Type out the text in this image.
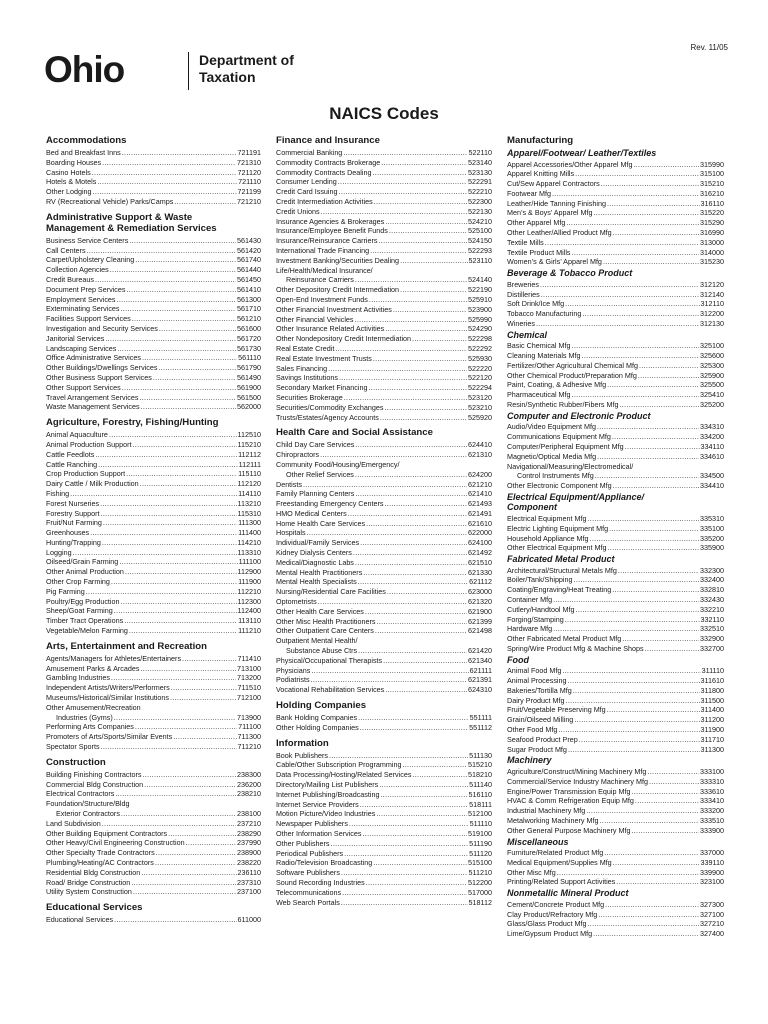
Ohio	Department of
Taxation
Rev. 11/05
NAICS Codes
Accommodations
Bed and Breakfast Inns .....	721191
Boarding Houses .....	721310
Casino Hotels .....	721120
Hotels & Motels .....	721110
Other Lodging .....	721199
RV (Recreational Vehicle) Parks/Camps .....	721210
Administrative Support & Waste
Management & Remediation Services
Business Service Centers .....	561430
Call Centers .....	561420
Carpet/Upholstery Cleaning .....	561740
Collection Agencies .....	561440
Credit Bureaus .....	561450
Document Prep Services .....	561410
Employment Services .....	561300
Exterminating Services .....	561710
Facilities Support Services .....	561210
Investigation and Security Services .....	561600
Janitorial Services .....	561720
Landscaping Services .....	561730
Office Administrative Services .....	561110
Other Buildings/Dwellings Services .....	561790
Other Business Support Services .....	561490
Other Support Services .....	561900
Travel Arrangement Services .....	561500
Waste Management Services .....	562000
Agriculture, Forestry, Fishing/Hunting
Animal Aquaculture .....	112510
Animal Production Support .....	115210
Cattle Feedlots .....	112112
Cattle Ranching .....	112111
Crop Production Support .....	115110
Dairy Cattle / Milk Production .....	112120
Fishing .....	114110
Forest Nurseries .....	113210
Forestry Support .....	115310
Fruit/Nut Farming .....	111300
Greenhouses .....	111400
Hunting/Trapping .....	114210
Logging .....	113310
Oilseed/Grain Farming .....	111100
Other Animal Production .....	112900
Other Crop Farming .....	111900
Pig Farming .....	112210
Poultry/Egg Production .....	112300
Sheep/Goat Farming .....	112400
Timber Tract Operations .....	113110
Vegetable/Melon Farming .....	111210
Arts, Entertainment and Recreation
Agents/Managers for Athletes/Entertainers .....	711410
Amusement Parks & Arcades .....	713100
Gambling Industries .....	713200
Independent Artists/Writers/Performers .....	711510
Museums/Historical/Similar Institutions .....	712100
Other Amusement/Recreation
Industries (Gyms) .....	713900
Performing Arts Companies .....	711100
Promoters of Arts/Sports/Similar Events .....	711300
Spectator Sports .....	711210
Construction
Building Finishing Contractors .....	238300
Commercial Bldg Construction .....	236200
Electrical Contractors .....	238210
Foundation/Structure/Bldg
Exterior Contractors .....	238100
Land Subdivision .....	237210
Other Building Equipment Contractors .....	238290
Other Heavy/Civil Engineering Construction .....	237990
Other Specialty Trade Contractors .....	238900
Plumbing/Heating/AC Contractors .....	238220
Residential Bldg Construction .....	236110
Road/ Bridge Construction .....	237310
Utility System Construction .....	237100
Educational Services
Educational Services .....	611000
Finance and Insurance
Commercial Banking .....	522110
Commodity Contracts Brokerage .....	523140
Commodity Contracts Dealing .....	523130
Consumer Lending .....	522291
Credit Card Issuing .....	522210
Credit Intermediation Activities .....	522300
Credit Unions .....	522130
Insurance Agencies & Brokerages .....	524210
Insurance/Employee Benefit Funds .....	525100
Insurance/Reinsurance Carriers .....	524150
International Trade Financing .....	522293
Investment Banking/Securities Dealing .....	523110
Life/Health/Medical Insurance/
Reinsurance Carriers .....	524140
Other Depository Credit Intermediation .....	522190
Open-End Investment Funds .....	525910
Other Financial Investment Activities .....	523900
Other Financial Vehicles .....	525990
Other Insurance Related Activities .....	524290
Other Nondepository Credit Intermediation .....	522298
Real Estate Credit .....	522292
Real Estate Investment Trusts .....	525930
Sales Financing .....	522220
Savings Institutions .....	522120
Secondary Market Financing .....	522294
Securities Brokerage .....	523120
Securities/Commodity Exchanges .....	523210
Trusts/Estates/Agency Accounts .....	525920
Health Care and Social Assistance
Child Day Care Services .....	624410
Chiropractors .....	621310
Community Food/Housing/Emergency/
Other Relief Services .....	624200
Dentists .....	621210
Family Planning Centers .....	621410
Freestanding Emergency Centers .....	621493
HMO Medical Centers .....	621491
Home Health Care Services .....	621610
Hospitals .....	622000
Individual/Family Services .....	624100
Kidney Dialysis Centers .....	621492
Medical/Diagnostic Labs .....	621510
Mental Health Practitioners .....	621330
Mental Health Specialists .....	621112
Nursing/Residential Care Facilities .....	623000
Optometrists .....	621320
Other Health Care Services .....	621900
Other Misc Health Practitioners .....	621399
Other Outpatient Care Centers .....	621498
Outpatient Mental Health/
Substance Abuse Ctrs .....	621420
Physical/Occupational Therapists .....	621340
Physicians .....	621111
Podiatrists .....	621391
Vocational Rehabilitation Services .....	624310
Holding Companies
Bank Holding Companies .....	551111
Other Holding Companies .....	551112
Information
Book Publishers .....	511130
Cable/Other Subscription Programming .....	515210
Data Processing/Hosting/Related Services .....	518210
Directory/Mailing List Publishers .....	511140
Internet Publishing/Broadcasting .....	516110
Internet Service Providers .....	518111
Motion Picture/Video Industries .....	512100
Newspaper Publishers .....	511110
Other Information Services .....	519100
Other Publishers .....	511190
Periodical Publishers .....	511120
Radio/Television Broadcasting .....	515100
Software Publishers .....	511210
Sound Recording Industries .....	512200
Telecommunications .....	517000
Web Search Portals .....	518112
Manufacturing
Apparel/Footwear/ Leather/Textiles
Apparel Accessories/Other Apparel Mfg .....	315990
Apparel Knitting Mills .....	315100
Cut/Sew Apparel Contractors .....	315210
Footwear Mfg .....	316210
Leather/Hide Tanning Finishing .....	316110
Men’s & Boys’ Apparel Mfg .....	315220
Other Apparel Mfg .....	315290
Other Leather/Allied Product Mfg .....	316990
Textile Mills .....	313000
Textile Product Mills .....	314000
Women’s & Girls’ Apparel Mfg .....	315230
Beverage & Tobacco Product
Breweries .....	312120
Distilleries .....	312140
Soft Drink/Ice Mfg .....	312110
Tobacco Manufacturing .....	312200
Wineries .....	312130
Chemical
Basic Chemical Mfg .....	325100
Cleaning Materials Mfg .....	325600
Fertilizer/Other Agricultural Chemical Mfg .....	325300
Other Chemical Product/Preparation Mfg .....	325900
Paint, Coating, & Adhesive Mfg .....	325500
Pharmaceutical Mfg .....	325410
Resin/Synthetic Rubber/Fibers Mfg .....	325200
Computer and Electronic Product
Audio/Video Equipment Mfg .....	334310
Communications Equipment Mfg .....	334200
Computer/Peripheral Equipment Mfg .....	334110
Magnetic/Optical Media Mfg .....	334610
Navigational/Measuring/Electromedical/
Control Instruments Mfg .....	334500
Other Electronic Component Mfg .....	334410
Electrical Equipment/Appliance/
Component
Electrical Equipment Mfg .....	335310
Electric Lighting Equipment Mfg .....	335100
Household Appliance Mfg .....	335200
Other Electrical Equipment Mfg .....	335900
Fabricated Metal Product
Architectural/Structural Metals Mfg .....	332300
Boiler/Tank/Shipping .....	332400
Coating/Engraving/Heat Treating .....	332810
Container Mfg .....	332430
Cutlery/Handtool Mfg .....	332210
Forging/Stamping .....	332110
Hardware Mfg .....	332510
Other Fabricated Metal Product Mfg .....	332900
Spring/Wire Product Mfg & Machine Shops .....	332700
Food
Animal Food Mfg .....	311110
Animal Processing .....	311610
Bakeries/Tortilla Mfg .....	311800
Dairy Product Mfg .....	311500
Fruit/Vegetable Preserving Mfg .....	311400
Grain/Oilseed Milling .....	311200
Other Food Mfg .....	311900
Seafood Product Prep .....	311710
Sugar Product Mfg .....	311300
Machinery
Agriculture/Construct/Mining Machinery Mfg .....	333100
Commercial/Service Industry Machinery Mfg .....	333310
Engine/Power Transmission Equip Mfg .....	333610
HVAC & Comm Refrigeration Equip Mfg .....	333410
Industrial Machinery Mfg .....	333200
Metalworking Machinery Mfg .....	333510
Other General Purpose Machinery Mfg .....	333900
Miscellaneous
Furniture/Related Product Mfg .....	337000
Medical Equipment/Supplies Mfg .....	339110
Other Misc Mfg .....	339900
Printing/Related Support Activities .....	323100
Nonmetallic Mineral Product
Cement/Concrete Product Mfg .....	327300
Clay Product/Refractory Mfg .....	327100
Glass/Glass Product Mfg .....	327210
Lime/Gypsum Product Mfg .....	327400
